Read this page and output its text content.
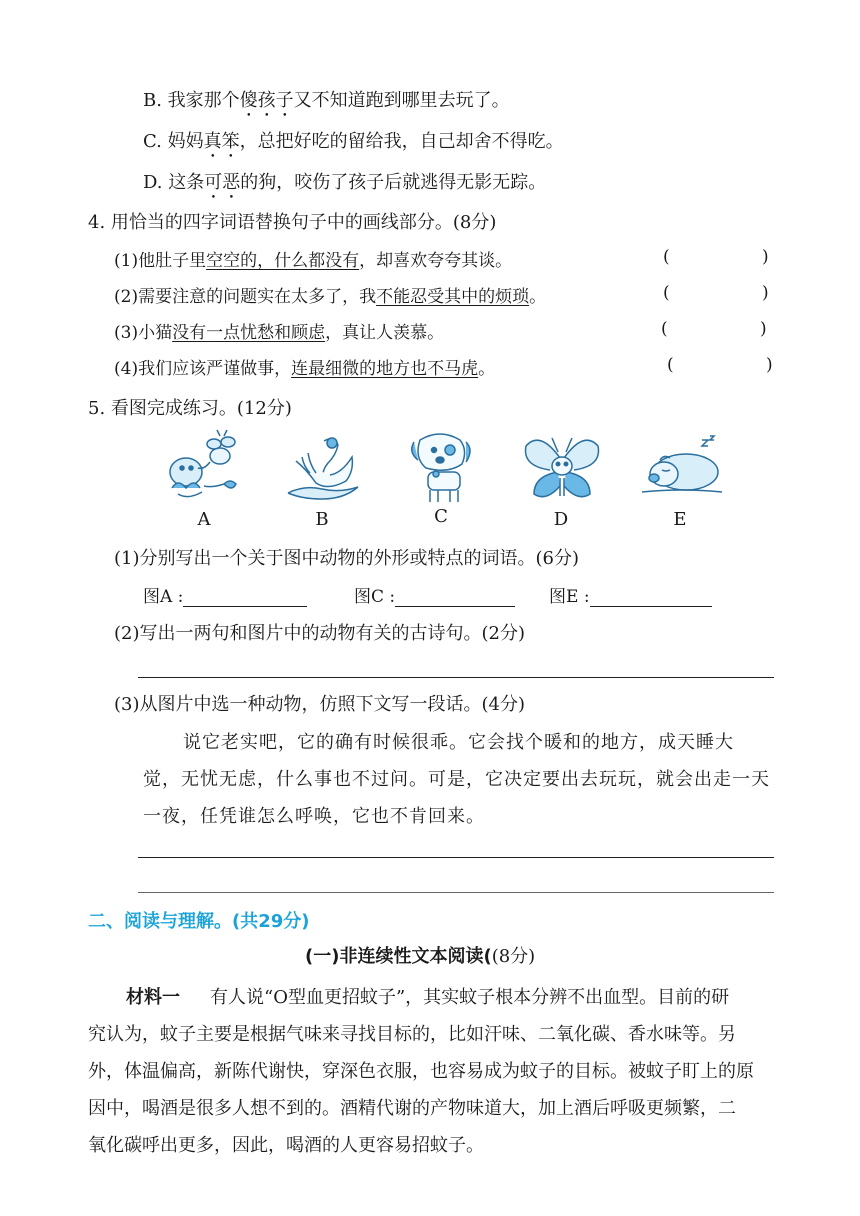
B. 我家那个傻孩子又不知道跑到哪里去玩了。
C. 妈妈真笨，总把好吃的留给我，自己却舍不得吃。
D. 这条可恶的狗，咬伤了孩子后就逃得无影无踪。
4. 用恰当的四字词语替换句子中的画线部分。(8分)
(1)他肚子里空空的，什么都没有，却喜欢夸夸其谈。	(	)
(2)需要注意的问题实在太多了，我不能忍受其中的烦琐。	(	)
(3)小猫没有一点忧愁和顾虑，真让人羡慕。	(	)
(4)我们应该严谨做事，连最细微的地方也不马虎。	(	)
5. 看图完成练习。(12分)
A	B	C	D	E
(1)分别写出一个关于图中动物的外形或特点的词语。(6分)
图A :	图C :	图E :
(2)写出一两句和图片中的动物有关的古诗句。(2分)
(3)从图片中选一种动物，仿照下文写一段话。(4分)
说它老实吧，它的确有时候很乖。它会找个暖和的地方，成天睡大
觉，无忧无虑，什么事也不过问。可是，它决定要出去玩玩，就会出走一天
一夜，任凭谁怎么呼唤，它也不肯回来。
二、阅读与理解。(共29分)
(一)非连续性文本阅读((8分)
材料一 有人说“O型血更招蚊子”，其实蚊子根本分辨不出血型。目前的研
究认为，蚊子主要是根据气味来寻找目标的，比如汗味、二氧化碳、香水味等。另
外，体温偏高，新陈代谢快，穿深色衣服，也容易成为蚊子的目标。被蚊子盯上的原
因中，喝酒是很多人想不到的。酒精代谢的产物味道大，加上酒后呼吸更频繁，二
氧化碳呼出更多，因此，喝酒的人更容易招蚊子。
